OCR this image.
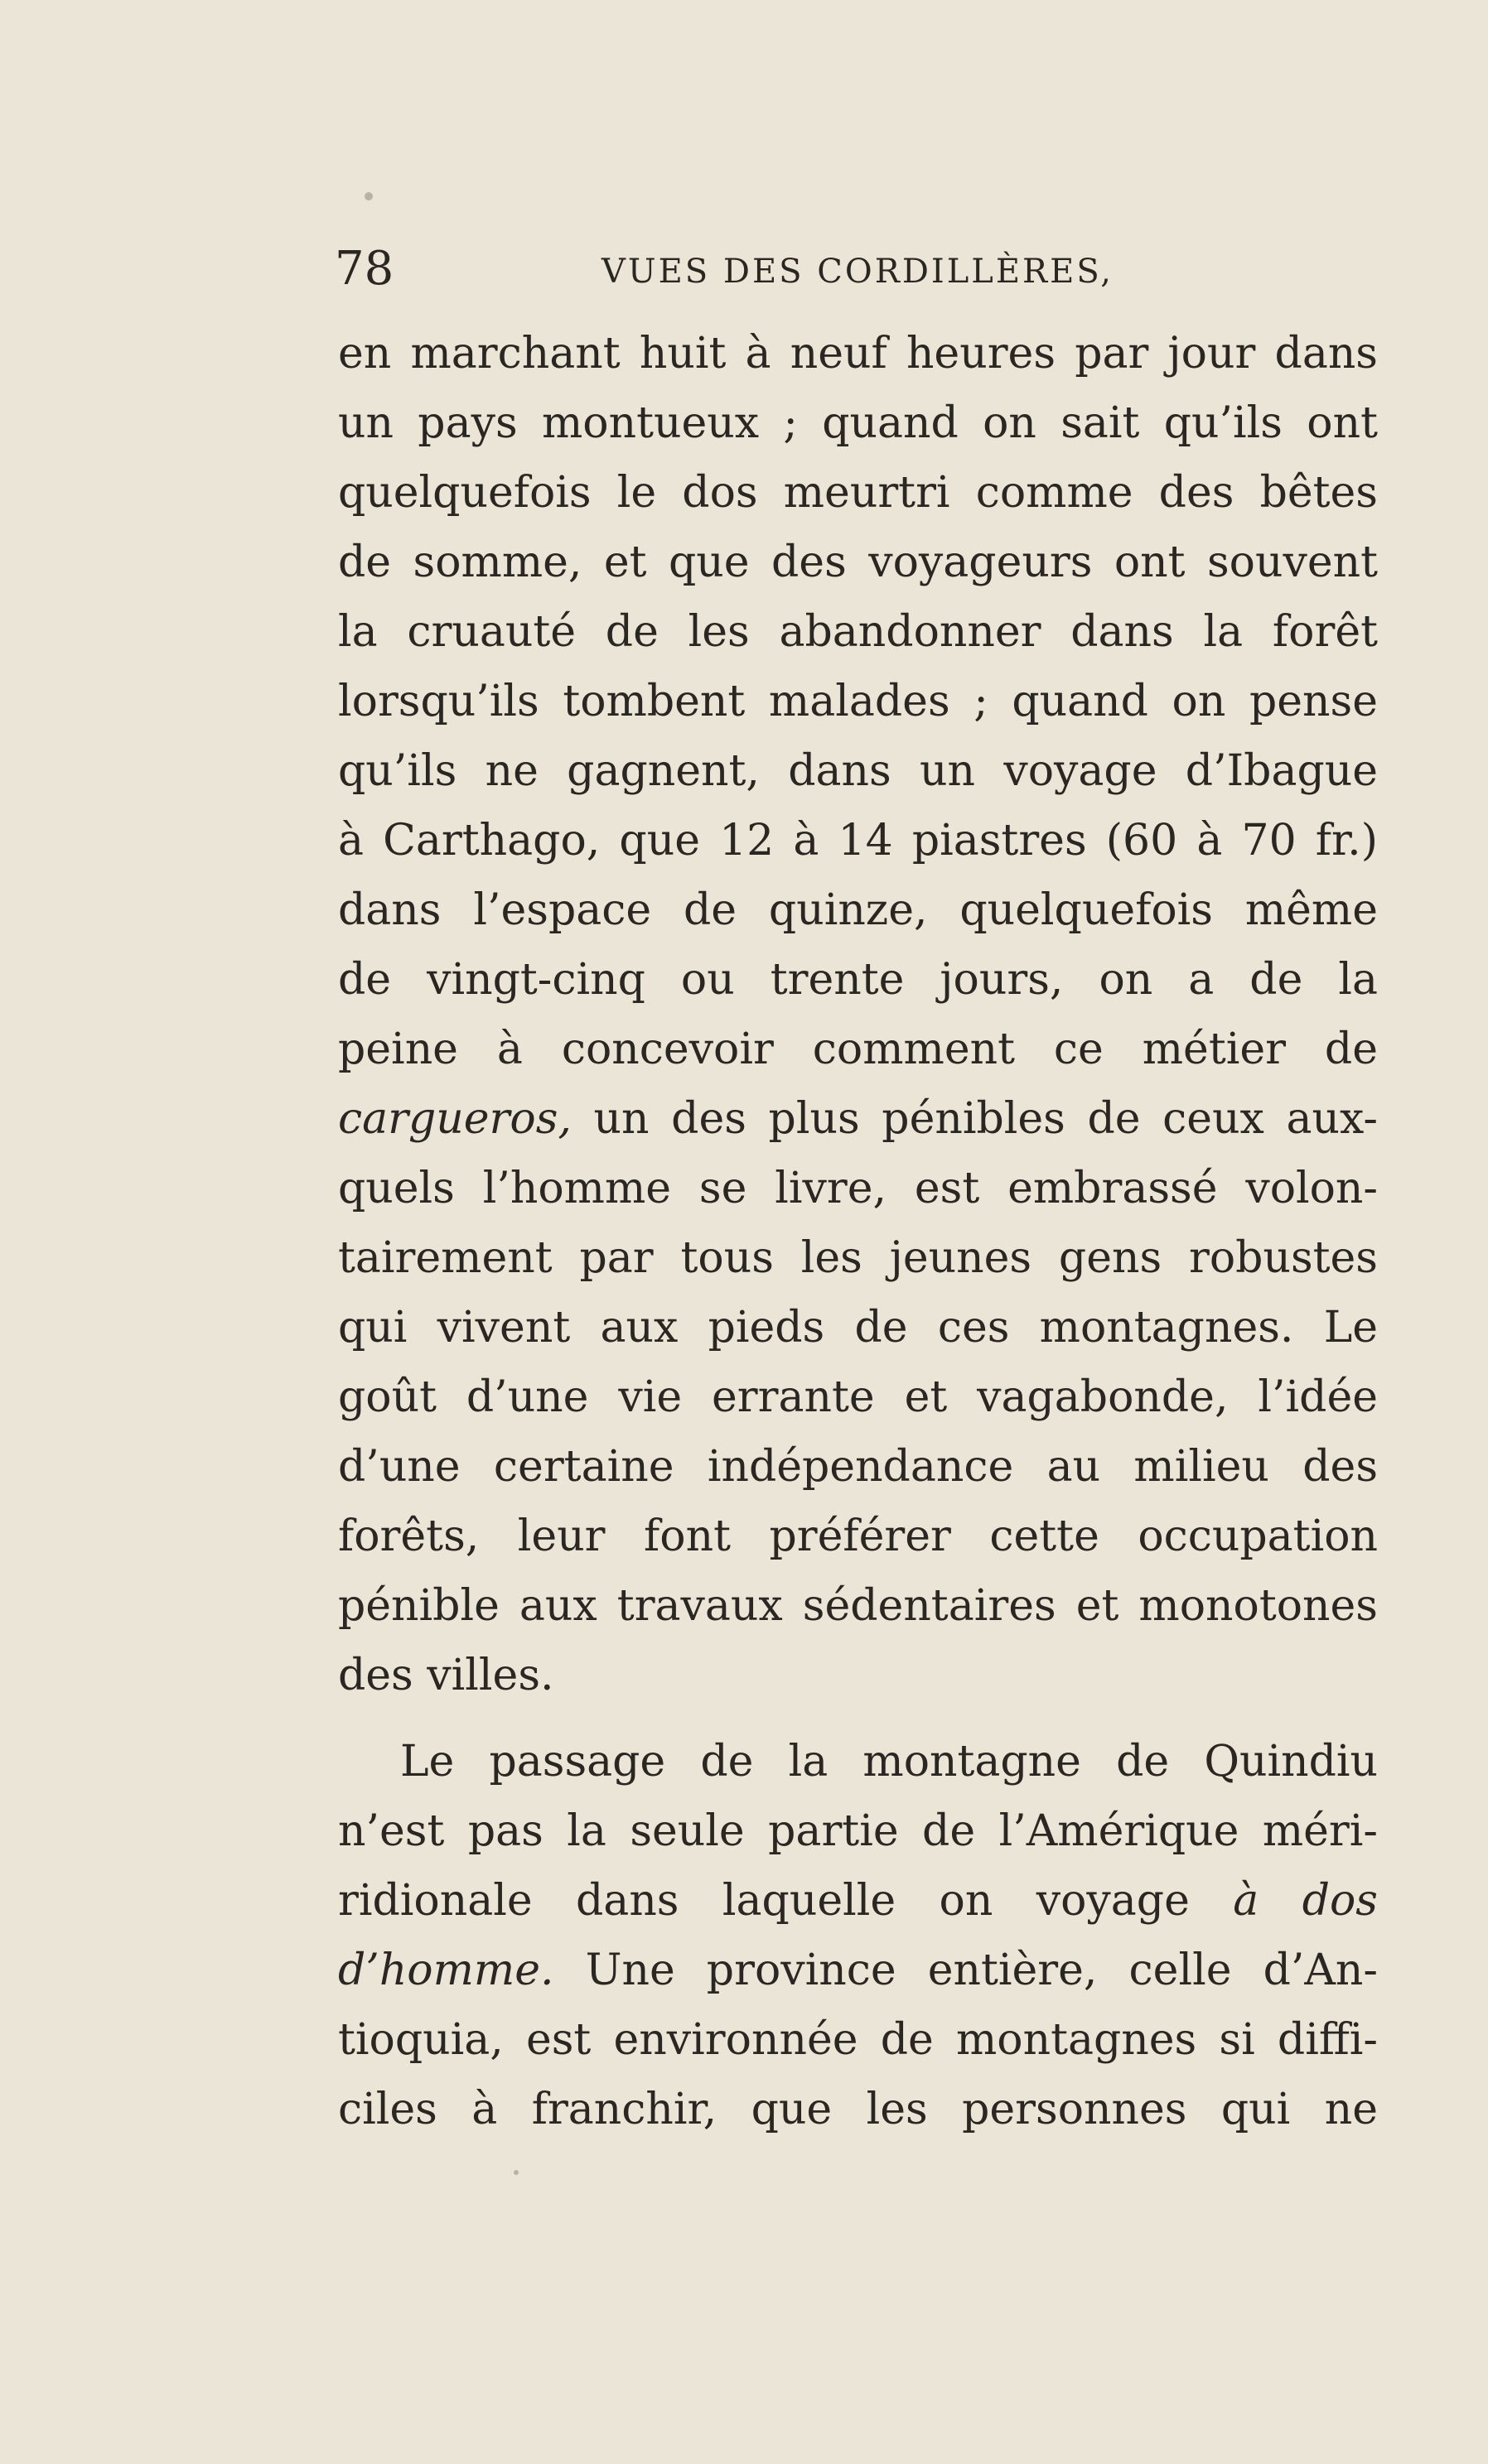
78	VUES DES CORDILLÈRES,
en marchant huit à neuf heures par jour dans
un pays montueux ; quand on sait qu’ils ont
quelquefois le dos meurtri comme des bêtes
de somme, et que des voyageurs ont souvent
la cruauté de les abandonner dans la forêt
lorsqu’ils tombent malades ; quand on pense
qu’ils ne gagnent, dans un voyage d’Ibague
à Carthago, que 12 à 14 piastres (60 à 70 fr.)
dans l’espace de quinze, quelquefois même
de vingt-cinq ou trente jours, on a de la
peine à concevoir comment ce métier de
cargueros, un des plus pénibles de ceux aux-
quels l’homme se livre, est embrassé volon-
tairement par tous les jeunes gens robustes
qui vivent aux pieds de ces montagnes. Le
goût d’une vie errante et vagabonde, l’idée
d’une certaine indépendance au milieu des
forêts, leur font préférer cette occupation
pénible aux travaux sédentaires et monotones
des villes.
Le passage de la montagne de Quindiu
n’est pas la seule partie de l’Amérique méri-
ridionale dans laquelle on voyage à dos
d’homme. Une province entière, celle d’An-
tioquia, est environnée de montagnes si diffi-
ciles à franchir, que les personnes qui ne
